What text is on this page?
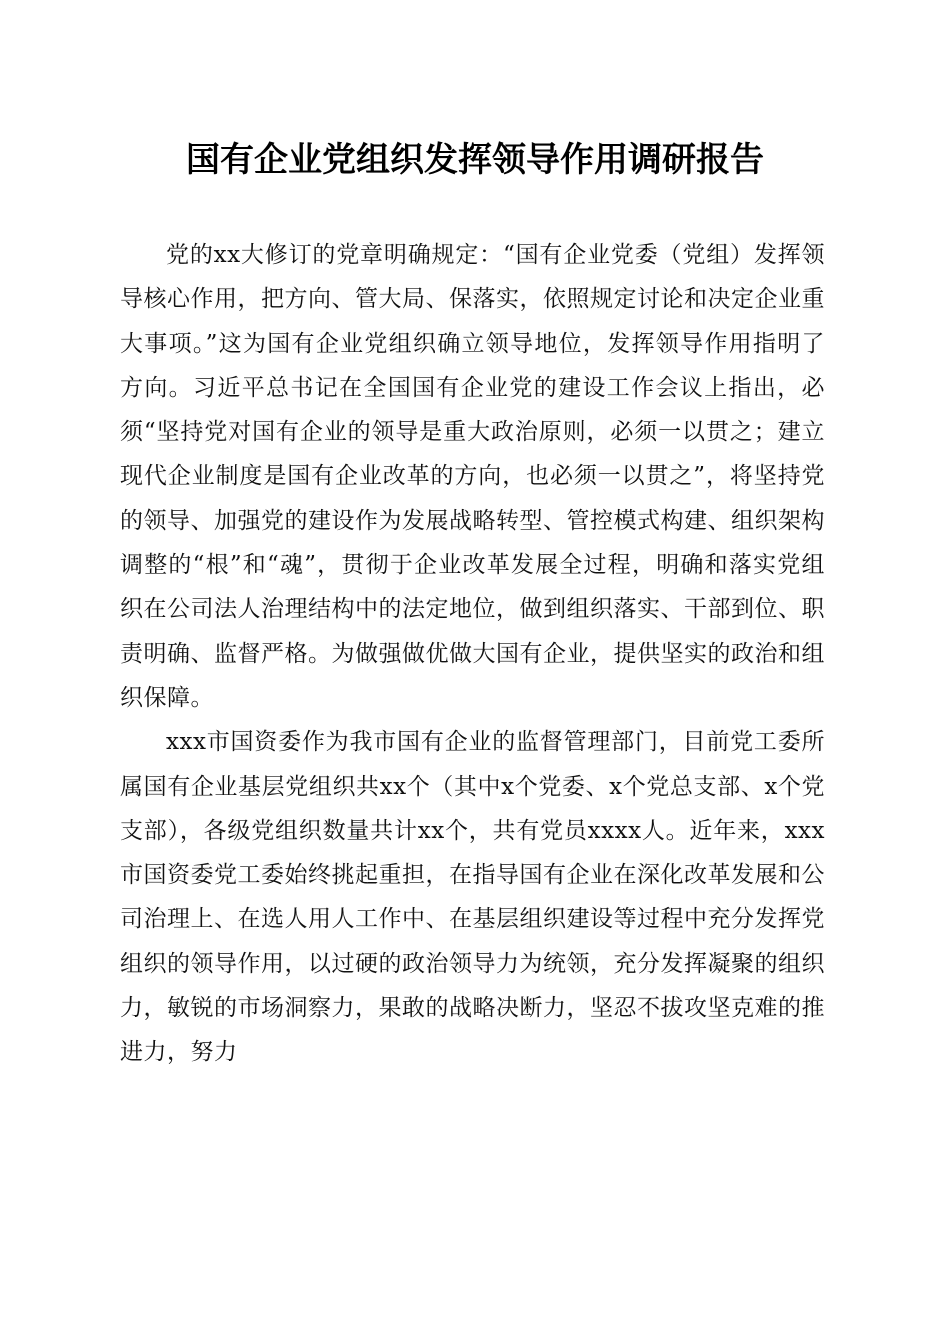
国有企业党组织发挥领导作用调研报告

党的xx大修订的党章明确规定：“国有企业党委（党组）发挥领导核心作用，把方向、管大局、保落实，依照规定讨论和决定企业重大事项。”这为国有企业党组织确立领导地位，发挥领导作用指明了方向。习近平总书记在全国国有企业党的建设工作会议上指出，必须“坚持党对国有企业的领导是重大政治原则，必须一以贯之；建立现代企业制度是国有企业改革的方向，也必须一以贯之”，将坚持党的领导、加强党的建设作为发展战略转型、管控模式构建、组织架构调整的“根”和“魂”，贯彻于企业改革发展全过程，明确和落实党组织在公司法人治理结构中的法定地位，做到组织落实、干部到位、职责明确、监督严格。为做强做优做大国有企业，提供坚实的政治和组织保障。

xxx市国资委作为我市国有企业的监督管理部门，目前党工委所属国有企业基层党组织共xx个（其中x个党委、x个党总支部、x个党支部），各级党组织数量共计xx个，共有党员xxxx人。近年来，xxx市国资委党工委始终挑起重担，在指导国有企业在深化改革发展和公司治理上、在选人用人工作中、在基层组织建设等过程中充分发挥党组织的领导作用，以过硬的政治领导力为统领，充分发挥凝聚的组织力，敏锐的市场洞察力，果敢的战略决断力，坚忍不拔攻坚克难的推进力，努力
